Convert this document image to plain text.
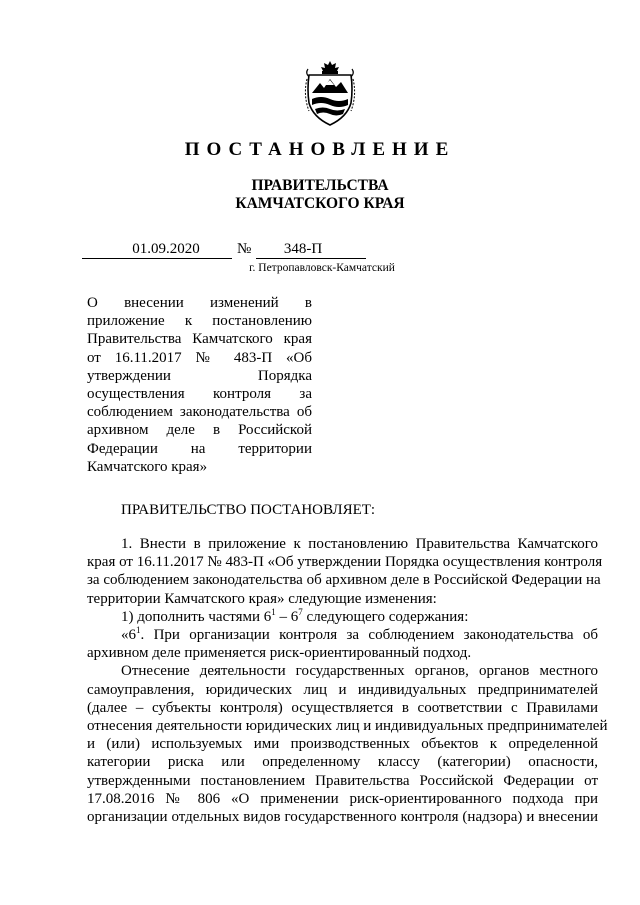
ПОСТАНОВЛЕНИЕ
ПРАВИТЕЛЬСТВА
КАМЧАТСКОГО КРАЯ
01.09.2020	№	348-П
г. Петропавловск-Камчатский
О внесении изменений в
приложение к постановлению
Правительства Камчатского края
от 16.11.2017 № 483-П «Об
утверждении Порядка
осуществления контроля за
соблюдением законодательства об
архивном деле в Российской
Федерации на территории
Камчатского края»
ПРАВИТЕЛЬСТВО ПОСТАНОВЛЯЕТ:
1. Внести в приложение к постановлению Правительства Камчатского
края от 16.11.2017 № 483-П «Об утверждении Порядка осуществления контроля
за соблюдением законодательства об архивном деле в Российской Федерации на
территории Камчатского края» следующие изменения:
1) дополнить частями $6^1 - 6^7$ следующего содержания:
«$6^1$. При организации контроля за соблюдением законодательства об
архивном деле применяется риск-ориентированный подход.
Отнесение деятельности государственных органов, органов местного
самоуправления, юридических лиц и индивидуальных предпринимателей
(далее – субъекты контроля) осуществляется в соответствии с Правилами
отнесения деятельности юридических лиц и индивидуальных предпринимателей
и (или) используемых ими производственных объектов к определенной
категории риска или определенному классу (категории) опасности,
утвержденными постановлением Правительства Российской Федерации от
17.08.2016 № 806 «О применении риск-ориентированного подхода при
организации отдельных видов государственного контроля (надзора) и внесении
